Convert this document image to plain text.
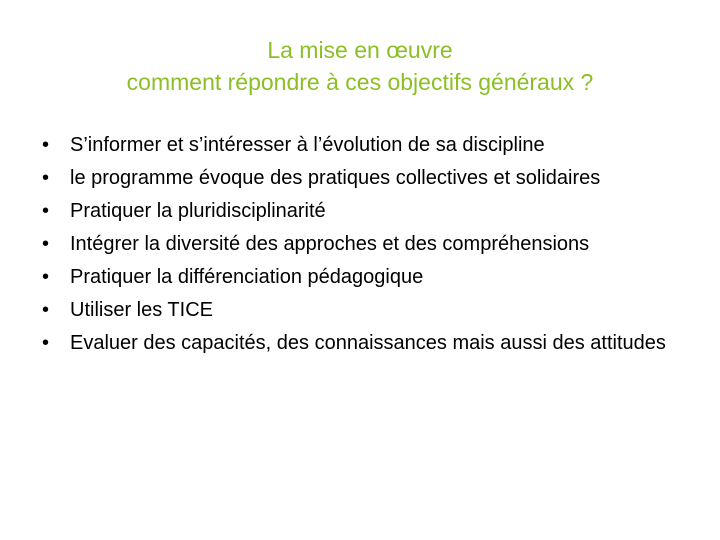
La mise en œuvre
comment répondre à ces objectifs généraux ?
•	S’informer et s’intéresser à l’évolution de sa discipline
•	le programme évoque des pratiques collectives et solidaires
•	Pratiquer la pluridisciplinarité
•	Intégrer la diversité des approches et des compréhensions
•	Pratiquer la différenciation pédagogique
•	Utiliser les TICE
•	Evaluer des capacités, des connaissances mais aussi des attitudes
